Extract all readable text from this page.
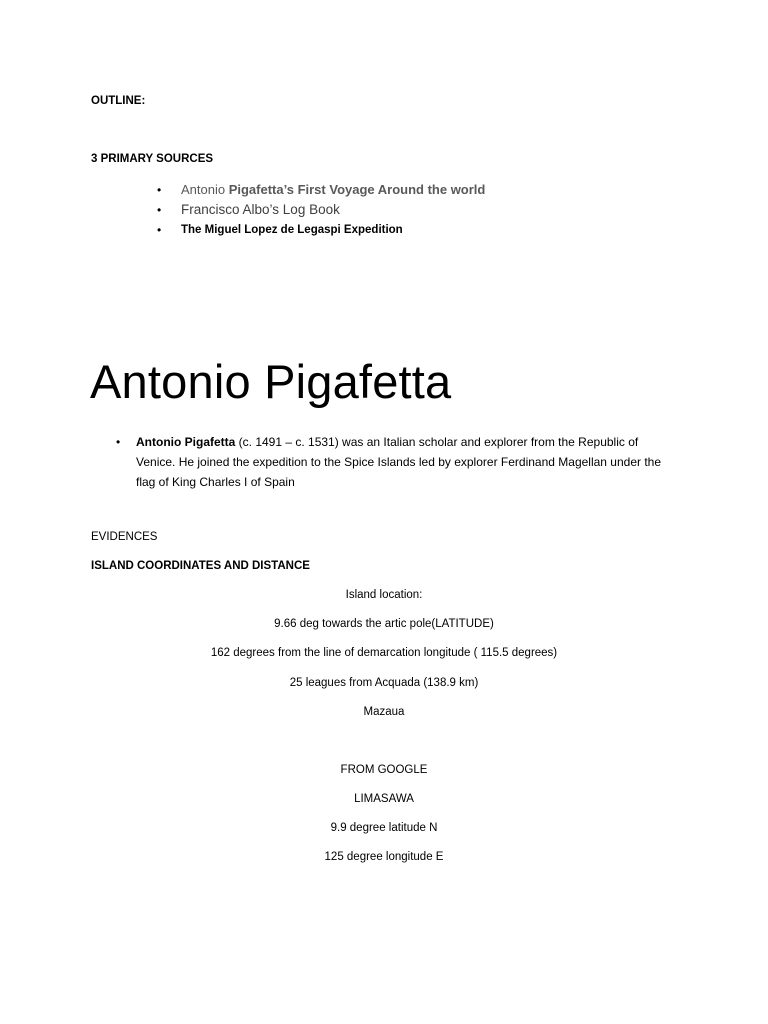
OUTLINE:
3 PRIMARY SOURCES
• Antonio Pigafetta’s First Voyage Around the world
• Francisco Albo’s Log Book
• The Miguel Lopez de Legaspi Expedition
Antonio Pigafetta
• Antonio Pigafetta (c. 1491 – c. 1531) was an Italian scholar and explorer from the Republic of Venice. He joined the expedition to the Spice Islands led by explorer Ferdinand Magellan under the flag of King Charles I of Spain
EVIDENCES
ISLAND COORDINATES AND DISTANCE
Island location:
9.66 deg towards the artic pole(LATITUDE)
162 degrees from the line of demarcation longitude ( 115.5 degrees)
25 leagues from Acquada (138.9 km)
Mazaua
FROM GOOGLE
LIMASAWA
9.9 degree latitude N
125 degree longitude E
